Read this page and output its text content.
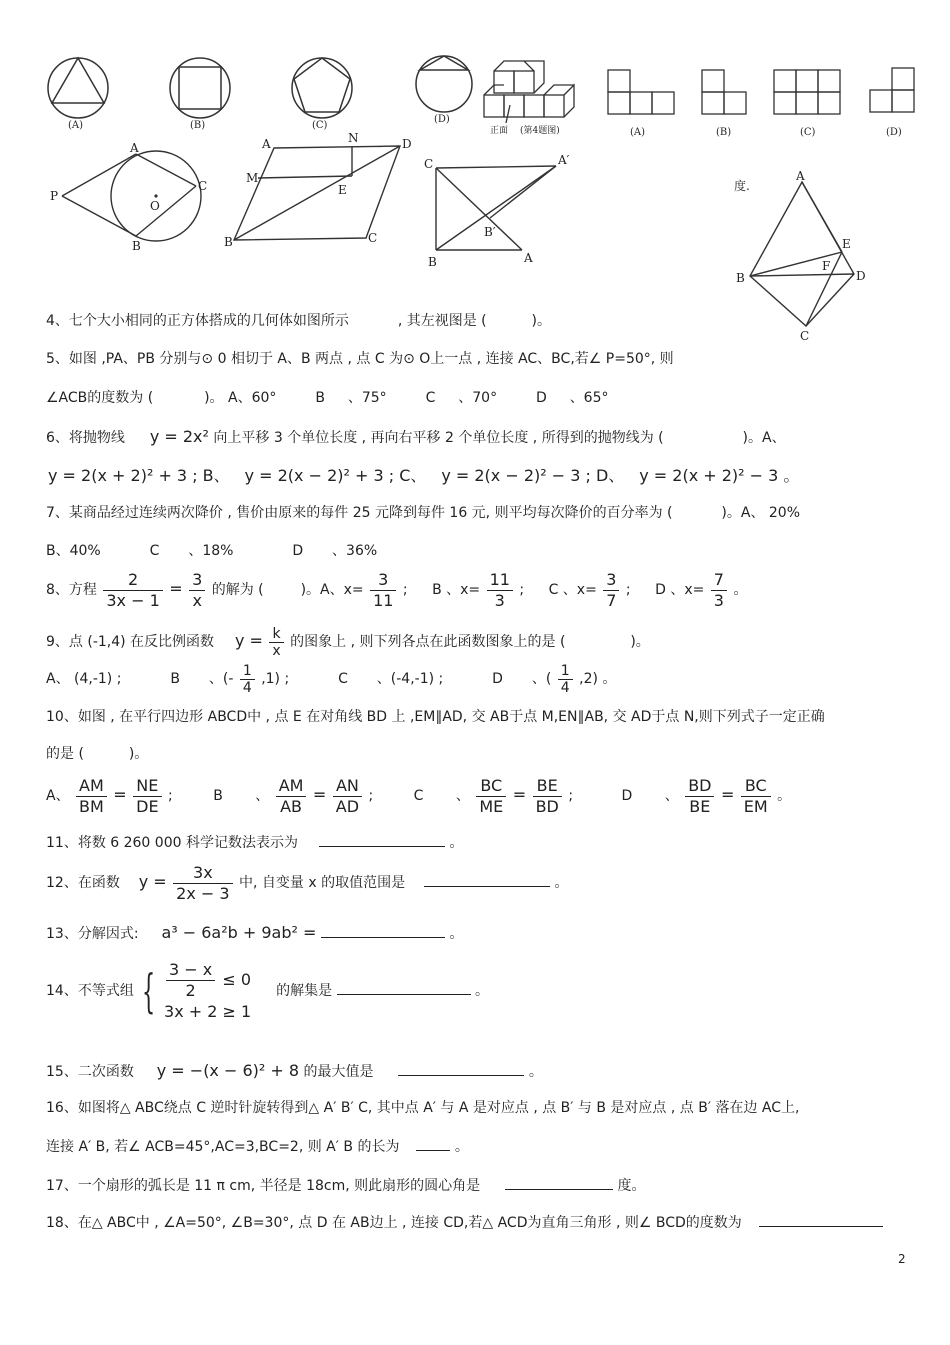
(A)	(B)	(C)
(D)
正面 (第4题图)	(A)	(B)	(C)	(D)
A
P
O
C
B
A	N	D
M
E
B	C
C	A′
B′
B	A
度.
A
E
B
F
D
C
4、七个大小相同的正方体搭成的几何体如图所示	, 其左视图是 (	)。
5、如图 ,PA、PB 分别与⊙ 0 相切于 A、B 两点 , 点 C 为⊙ O上一点 , 连接 AC、BC,若∠ P=50°, 则
∠ACB的度数为 (	)。 A、60°	B 、75°	C 、70°	D 、65°
6、将抛物线 y = 2x² 向上平移 3 个单位长度 , 再向右平移 2 个单位长度 , 所得到的抛物线为 (	)。A、
y = 2(x + 2)² + 3 ; B、 y = 2(x − 2)² + 3 ; C、 y = 2(x − 2)² − 3 ; D、 y = 2(x + 2)² − 3 。
7、某商品经过连续两次降价 , 售价由原来的每件 25 元降到每件 16 元, 则平均每次降价的百分率为 (	)。A、 20%
B、40%	C 、18%	D 、36%
8、方程 $\frac{2}{3x - 1} = \frac{3}{x}$ 的解为 (	)。A、$x= \frac{3}{11}$ ; B 、$x= \frac{11}{3}$ ; C 、$x= \frac{3}{7}$ ; D 、$x= \frac{7}{3}$ 。
9、点 (-1,4) 在反比例函数 $y = \frac{k}{x}$ 的图象上 , 则下列各点在此函数图象上的是 (	)。
A、 (4,-1) ;	B 、(- $\frac{1}{4} ,1$) ;	C 、(-4,-1) ;	D 、( $\frac{1}{4} ,2$) 。
10、如图 , 在平行四边形 ABCD中 , 点 E 在对角线 BD 上 ,EM∥AD, 交 AB于点 M,EN∥AB, 交 AD于点 N,则下列式子一定正确
的是 (	)。
A、 $\frac{AM}{BM} = \frac{NE}{DE}$ ;	B 、 $\frac{AM}{AB} = \frac{AN}{AD}$ ;	C 、 $\frac{BC}{ME} = \frac{BE}{BD}$ ;	D 、 $\frac{BD}{BE} = \frac{BC}{EM}$ 。
11、将数 6 260 000 科学记数法表示为	。
12、在函数 $y = \frac{3x}{2x - 3}$ 中, 自变量 x 的取值范围是	。
13、分解因式: a³ − 6a²b + 9ab² =	。
14、不等式组 { $\frac{3 - x}{2} \le 0$
3x + 2 ≥ 1
的解集是	。
15、二次函数 y = −(x − 6)² + 8 的最大值是	。
16、如图将△ ABC绕点 C 逆时针旋转得到△ A′ B′ C, 其中点 A′ 与 A 是对应点 , 点 B′ 与 B 是对应点 , 点 B′ 落在边 AC上,
连接 A′ B, 若∠ ACB=45°,AC=3,BC=2, 则 A′ B 的长为	。
17、一个扇形的弧长是 11 π cm, 半径是 18cm, 则此扇形的圆心角是	度。
18、在△ ABC中 , ∠A=50°, ∠B=30°, 点 D 在 AB边上 , 连接 CD,若△ ACD为直角三角形 , 则∠ BCD的度数为
2
